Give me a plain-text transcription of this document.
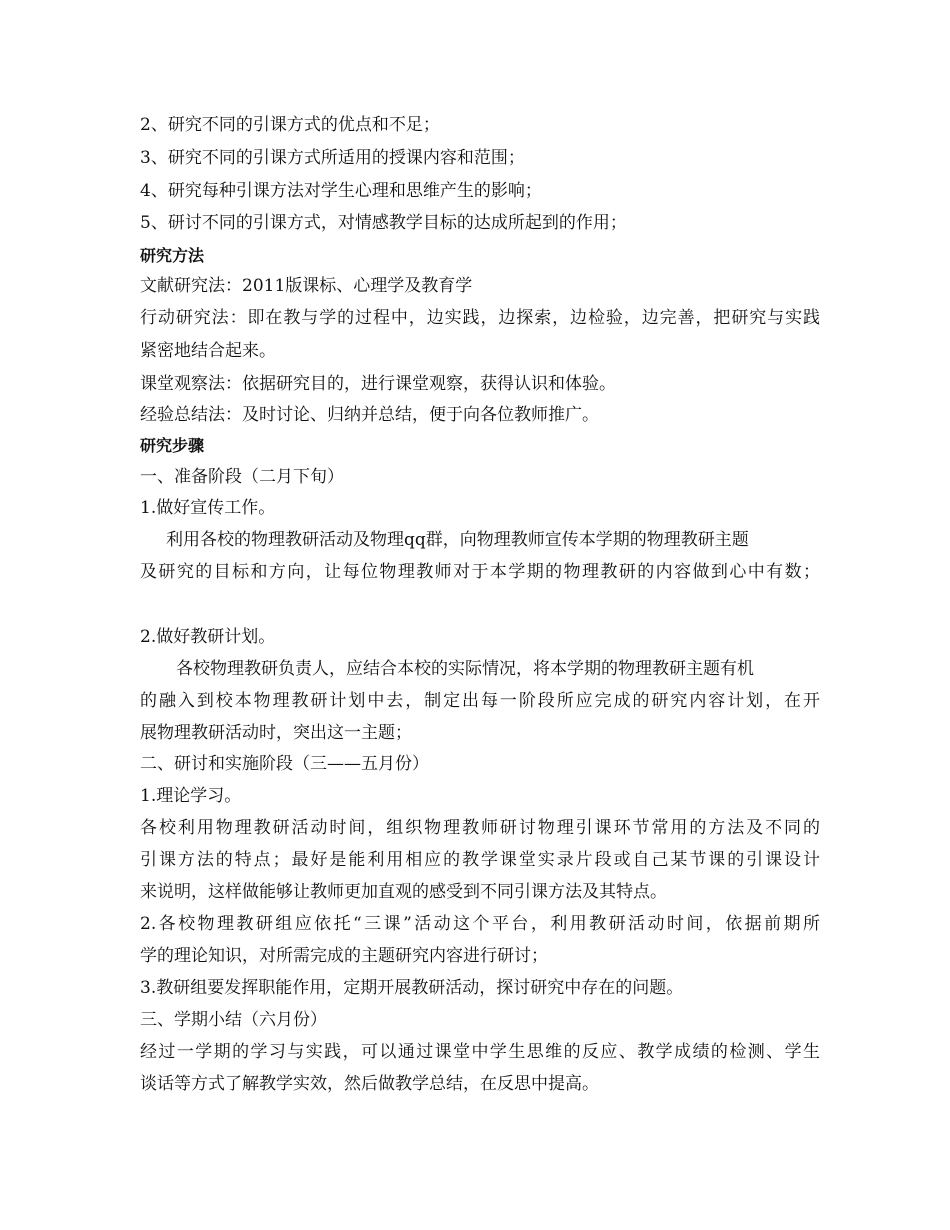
2、研究不同的引课方式的优点和不足；
3、研究不同的引课方式所适用的授课内容和范围；
4、研究每种引课方法对学生心理和思维产生的影响；
5、研讨不同的引课方式，对情感教学目标的达成所起到的作用；
研究方法
文献研究法：2011版课标、心理学及教育学
行动研究法：即在教与学的过程中，边实践，边探索，边检验，边完善，把研究与实践
紧密地结合起来。
课堂观察法：依据研究目的，进行课堂观察，获得认识和体验。
经验总结法：及时讨论、归纳并总结，便于向各位教师推广。
研究步骤
一、准备阶段（二月下旬）
1.做好宣传工作。
利用各校的物理教研活动及物理qq群，向物理教师宣传本学期的物理教研主题
及研究的目标和方向，让每位物理教师对于本学期的物理教研的内容做到心中有数；
2.做好教研计划。
各校物理教研负责人，应结合本校的实际情况，将本学期的物理教研主题有机
的融入到校本物理教研计划中去，制定出每一阶段所应完成的研究内容计划，在开
展物理教研活动时，突出这一主题；
二、研讨和实施阶段（三——五月份）
1.理论学习。
各校利用物理教研活动时间，组织物理教师研讨物理引课环节常用的方法及不同的
引课方法的特点；最好是能利用相应的教学课堂实录片段或自己某节课的引课设计
来说明，这样做能够让教师更加直观的感受到不同引课方法及其特点。
2.各校物理教研组应依托“三课”活动这个平台，利用教研活动时间，依据前期所
学的理论知识，对所需完成的主题研究内容进行研讨；
3.教研组要发挥职能作用，定期开展教研活动，探讨研究中存在的问题。
三、学期小结（六月份）
经过一学期的学习与实践，可以通过课堂中学生思维的反应、教学成绩的检测、学生
谈话等方式了解教学实效，然后做教学总结，在反思中提高。
